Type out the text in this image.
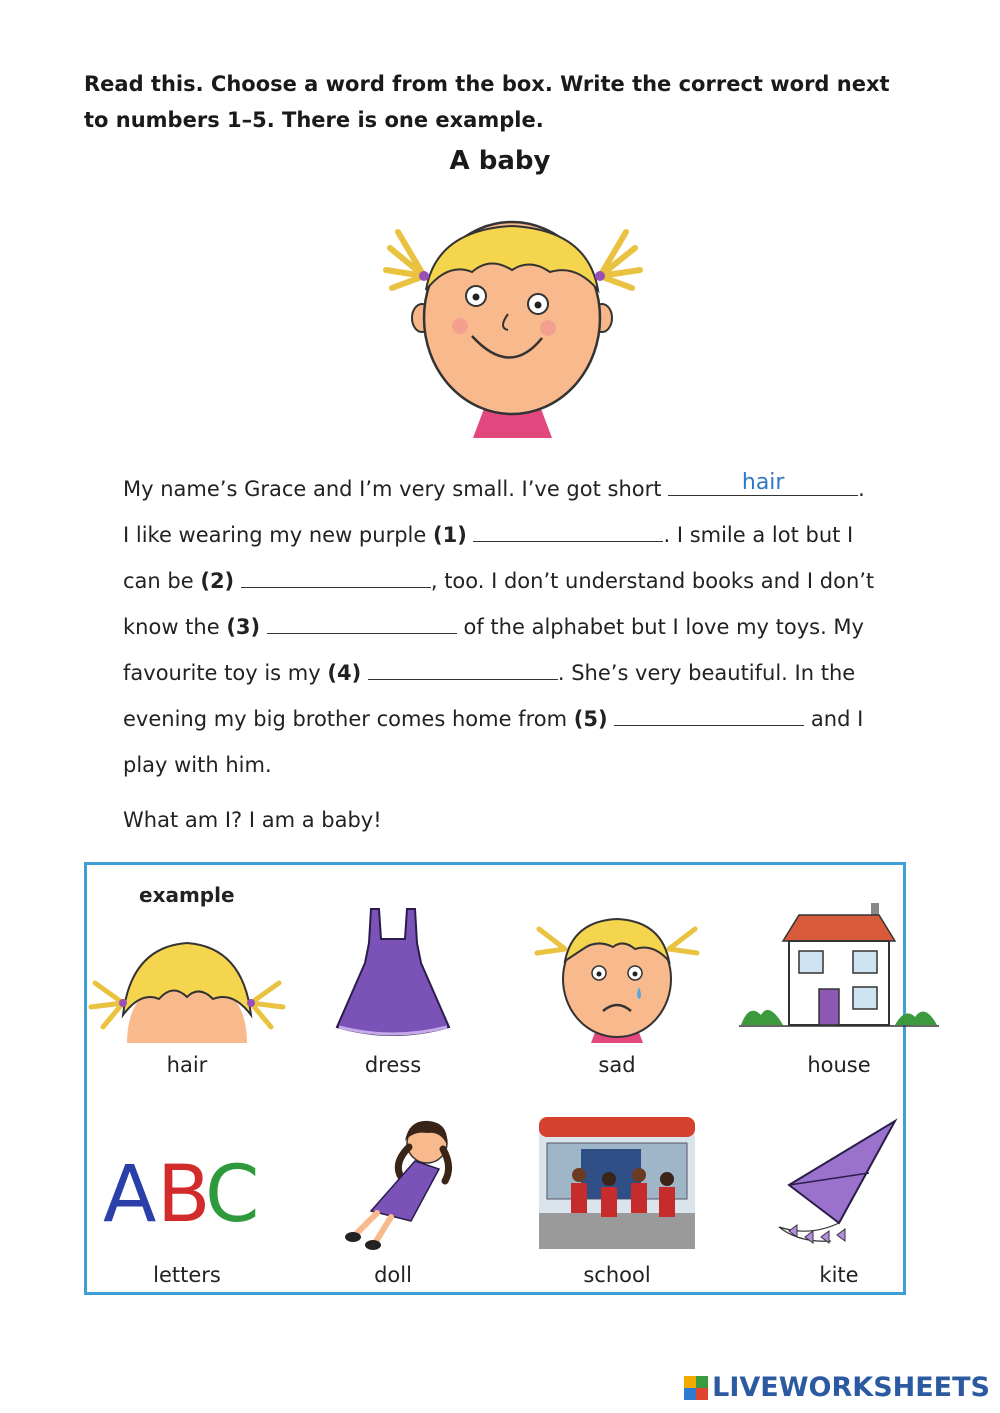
Read this. Choose a word from the box. Write the correct word next to numbers 1–5. There is one example.

A baby
My name’s Grace and I’m very small. I’ve got short	hair	.
I like wearing my new purple (1)	. I smile a lot but I
can be (2)	, too. I don’t understand books and I don’t
know the (3)	of the alphabet but I love my toys. My
favourite toy is my (4)	. She’s very beautiful. In the
evening my big brother comes home from (5)	and I
play with him.

What am I? I am a baby!

example
hair	dress	sad	house
A B
C
letters	doll	school	kite
LIVEWORKSHEETS
